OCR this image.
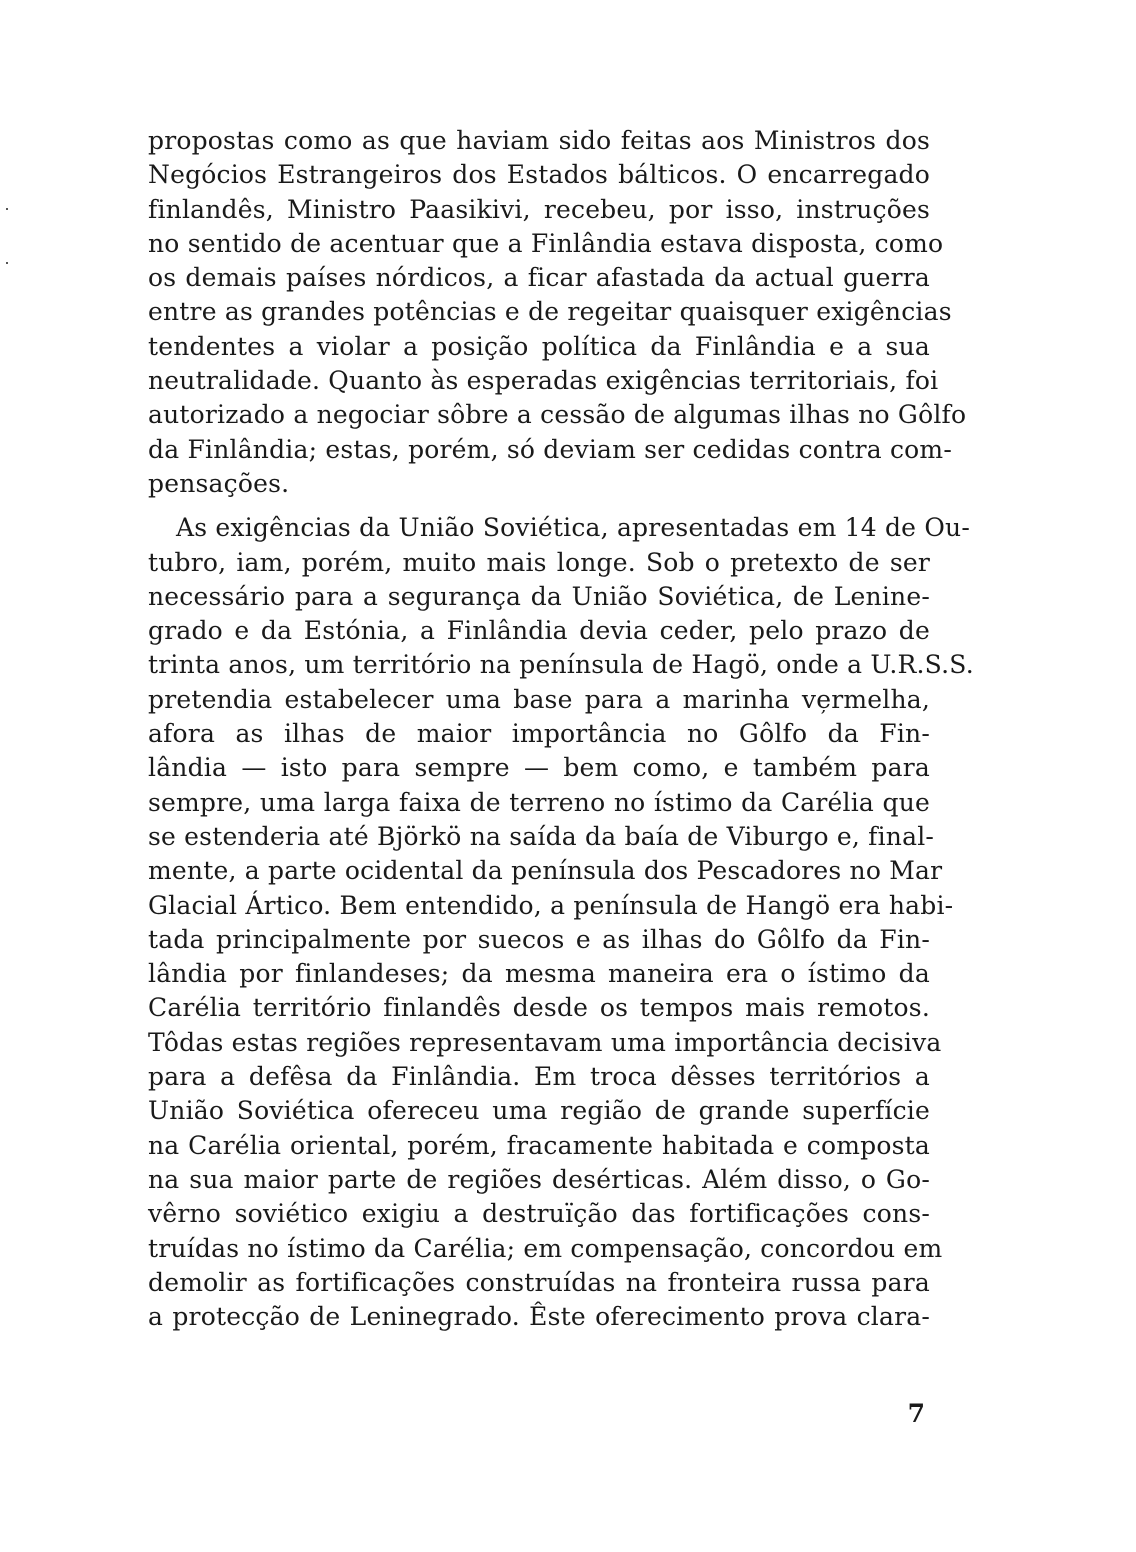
propostas como as que haviam sido feitas aos Ministros dos
Negócios Estrangeiros dos Estados bálticos. O encarregado
finlandês, Ministro Paasikivi, recebeu, por isso, instruções
no sentido de acentuar que a Finlândia estava disposta, como
os demais países nórdicos, a ficar afastada da actual guerra
entre as grandes potências e de regeitar quaisquer exigências
tendentes a violar a posição política da Finlândia e a sua
neutralidade. Quanto às esperadas exigências territoriais, foi
autorizado a negociar sôbre a cessão de algumas ilhas no Gôlfo
da Finlândia; estas, porém, só deviam ser cedidas contra com-
pensações.
As exigências da União Soviética, apresentadas em 14 de Ou-
tubro, iam, porém, muito mais longe. Sob o pretexto de ser
necessário para a segurança da União Soviética, de Lenine-
grado e da Estónia, a Finlândia devia ceder, pelo prazo de
trinta anos, um território na península de Hagö, onde a U.R.S.S.
pretendia estabelecer uma base para a marinha ve̦rmelha,
afora as ilhas de maior importância no Gôlfo da Fin-
lândia — isto para sempre — bem como, e também para
sempre, uma larga faixa de terreno no ístimo da Carélia que
se estenderia até Björkö na saída da baía de Viburgo e, final-
mente, a parte ocidental da península dos Pescadores no Mar
Glacial Ártico. Bem entendido, a península de Hangö era habi-
tada principalmente por suecos e as ilhas do Gôlfo da Fin-
lândia por finlandeses; da mesma maneira era o ístimo da
Carélia território finlandês desde os tempos mais remotos.
Tôdas estas regiões representavam uma importância decisiva
para a defêsa da Finlândia. Em troca dêsses territórios a
União Soviética ofereceu uma região de grande superfície
na Carélia oriental, porém, fracamente habitada e composta
na sua maior parte de regiões desérticas. Além disso, o Go-
vêrno soviético exigiu a destruïção das fortificações cons-
truídas no ístimo da Carélia; em compensação, concordou em
demolir as fortificações construídas na fronteira russa para
a protecção de Leninegrado. Êste oferecimento prova clara-
7
